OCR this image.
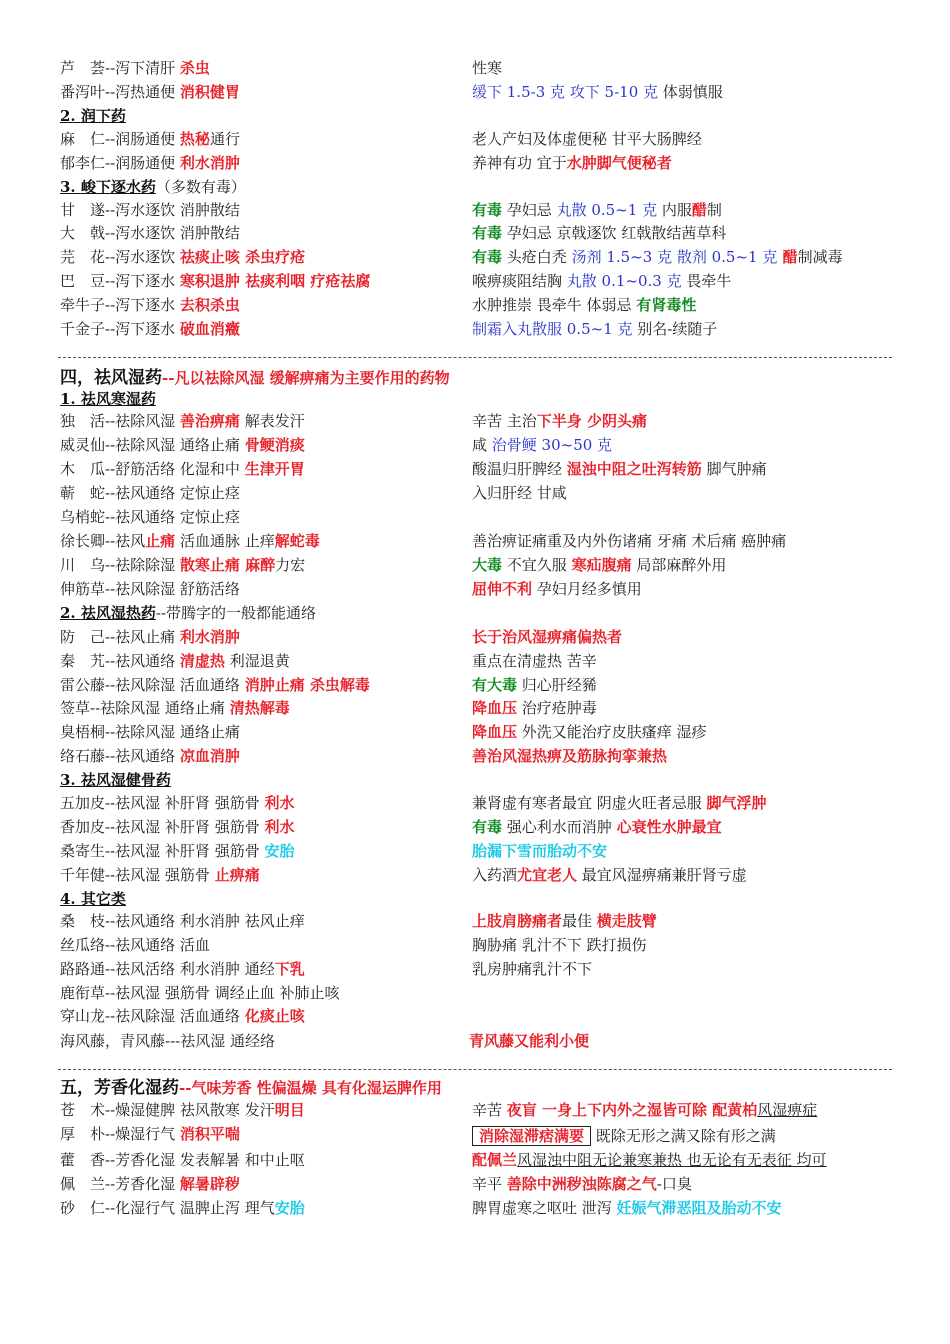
芦　荟--泻下清肝 杀虫	性寒
番泻叶--泻热通便 消积健胃	缓下 1.5-3 克 攻下 5-10 克 体弱慎服
2. 润下药
麻　仁--润肠通便 热秘通行	老人产妇及体虚便秘 甘平大肠脾经
郁李仁--润肠通便 利水消肿	养神有功 宜于水肿脚气便秘者
3. 峻下逐水药（多数有毒）
甘　遂--泻水逐饮 消肿散结	有毒 孕妇忌 丸散 0.5~1 克 内服醋制
大　戟--泻水逐饮 消肿散结	有毒 孕妇忌 京戟逐饮 红戟散结茜草科
芫　花--泻水逐饮 祛痰止咳 杀虫疗疮	有毒 头疮白秃 汤剂 1.5~3 克 散剂 0.5~1 克 醋制减毒
巴　豆--泻下逐水 寒积退肿 祛痰利咽 疗疮祛腐	喉痹痰阻结胸 丸散 0.1~0.3 克 畏牵牛
牵牛子--泻下逐水 去积杀虫	水肿推崇 畏牵牛 体弱忌 有肾毒性
千金子--泻下逐水 破血消癥	制霜入丸散服 0.5~1 克 别名-续随子
四，祛风湿药--凡以祛除风湿 缓解痹痛为主要作用的药物
1. 祛风寒湿药
独　活--祛除风湿 善治痹痛 解表发汗	辛苦 主治下半身 少阴头痛
威灵仙--祛除风湿 通络止痛 骨鲠消痰	咸 治骨鲠 30~50 克
木　瓜--舒筋活络 化湿和中 生津开胃	酸温归肝脾经 湿浊中阻之吐泻转筋 脚气肿痛
蕲　蛇--祛风通络 定惊止痉	入归肝经 甘咸
乌梢蛇--祛风通络 定惊止痉
徐长卿--祛风止痛 活血通脉 止痒解蛇毒	善治痹证痛重及内外伤诸痛 牙痛 术后痛 癌肿痛
川　乌--祛除除湿 散寒止痛 麻醉力宏	大毒 不宜久服 寒疝腹痛 局部麻醉外用
伸筋草--祛风除湿 舒筋活络	屈伸不利 孕妇月经多慎用
2. 祛风湿热药--带腾字的一般都能通络
防　己--祛风止痛 利水消肿	长于治风湿痹痛偏热者
秦　艽--祛风通络 清虚热 利湿退黄	重点在清虚热 苦辛
雷公藤--祛风除湿 活血通络 消肿止痛 杀虫解毒	有大毒 归心肝经豨
签草--祛除风湿 通络止痛 清热解毒	降血压 治疗疮肿毒
臭梧桐--祛除风湿 通络止痛	降血压 外洗又能治疗皮肤瘙痒 湿疹
络石藤--祛风通络 凉血消肿	善治风湿热痹及筋脉拘挛兼热
3. 祛风湿健骨药
五加皮--祛风湿 补肝肾 强筋骨 利水	兼肾虚有寒者最宜 阴虚火旺者忌服 脚气浮肿
香加皮--祛风湿 补肝肾 强筋骨 利水	有毒 强心利水而消肿 心衰性水肿最宜
桑寄生--祛风湿 补肝肾 强筋骨 安胎	胎漏下雪而胎动不安
千年健--祛风湿 强筋骨 止痹痛	入药酒尤宜老人 最宜风湿痹痛兼肝肾亏虚
4. 其它类
桑　枝--祛风通络 利水消肿 祛风止痒	上肢肩膀痛者最佳 横走肢臂
丝瓜络--祛风通络 活血	胸胁痛 乳汁不下 跌打损伤
路路通--祛风活络 利水消肿 通经下乳	乳房肿痛乳汁不下
鹿衔草--祛风湿 强筋骨 调经止血 补肺止咳
穿山龙--祛风除湿 活血通络 化痰止咳
海风藤，青风藤---祛风湿 通经络	青风藤又能利小便
五，芳香化湿药--气味芳香 性偏温燥 具有化湿运脾作用
苍　术--燥湿健脾 祛风散寒 发汗明目	辛苦 夜盲 一身上下内外之湿皆可除 配黄柏风湿痹症
厚　朴--燥湿行气 消积平喘	消除湿滞痞满要 既除无形之满又除有形之满
藿　香--芳香化湿 发表解暑 和中止呕	配佩兰风湿浊中阻无论兼寒兼热 也无论有无表征 均可
佩　兰--芳香化湿 解暑辟秽	辛平 善除中洲秽浊陈腐之气-口臭
砂　仁--化湿行气 温脾止泻 理气安胎	脾胃虚寒之呕吐 泄泻 妊娠气滞恶阻及胎动不安
